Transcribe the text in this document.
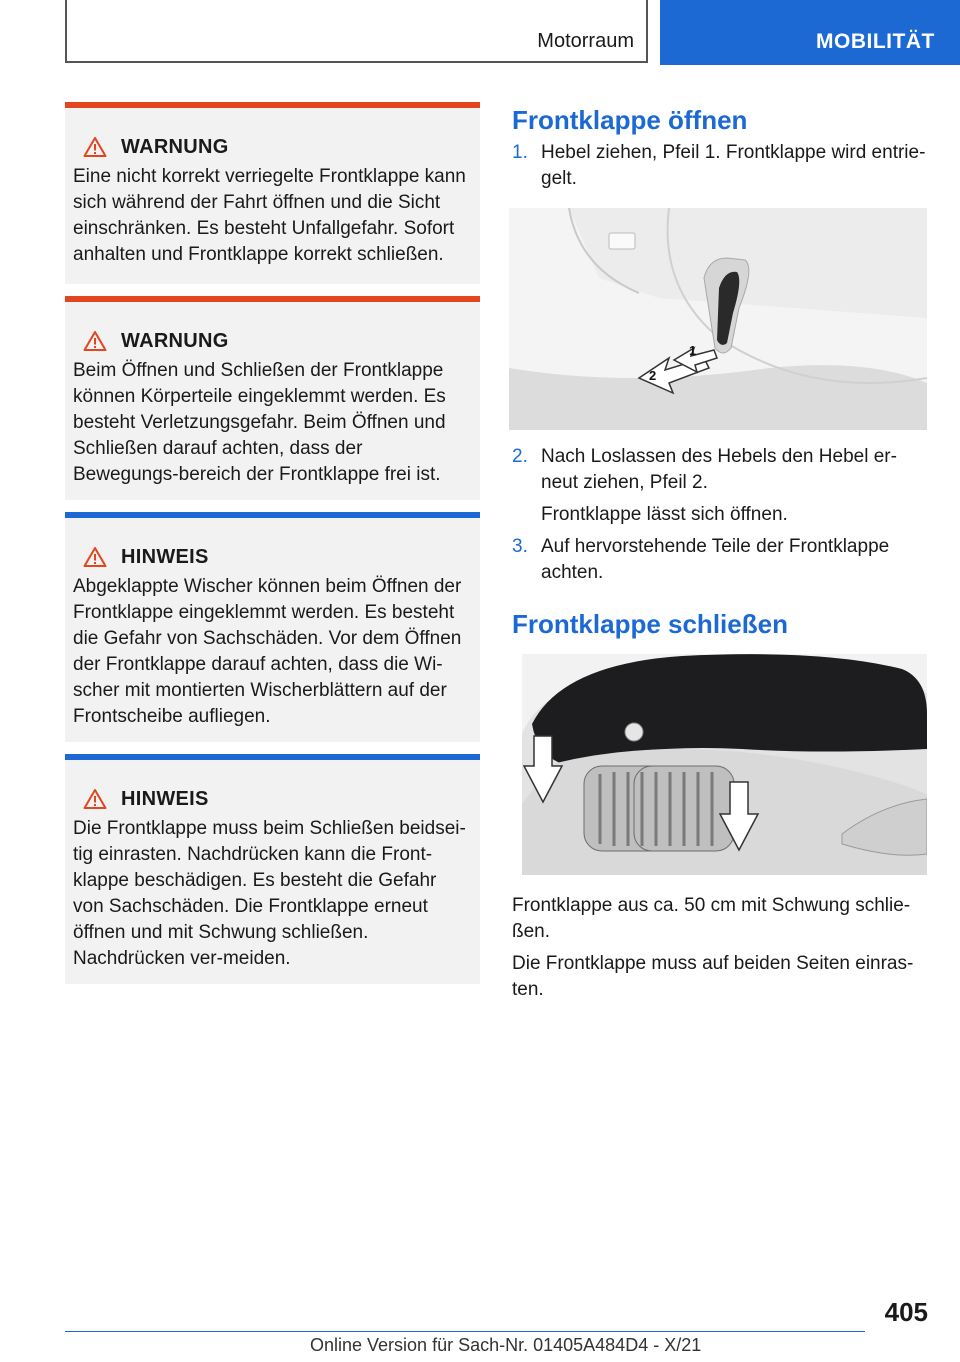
Motorraum	MOBILITÄT
WARNUNG

Eine nicht korrekt verriegelte Frontklappe kann sich während der Fahrt öffnen und die Sicht einschränken. Es besteht Unfallgefahr. Sofort anhalten und Frontklappe korrekt schließen.

WARNUNG

Beim Öffnen und Schließen der Frontklappe können Körperteile eingeklemmt werden. Es besteht Verletzungsgefahr. Beim Öffnen und Schließen darauf achten, dass der Bewegungs-bereich der Frontklappe frei ist.

HINWEIS

Abgeklappte Wischer können beim Öffnen der Frontklappe eingeklemmt werden. Es besteht die Gefahr von Sachschäden. Vor dem Öffnen der Frontklappe darauf achten, dass die Wi-scher mit montierten Wischerblättern auf der Frontscheibe aufliegen.

HINWEIS

Die Frontklappe muss beim Schließen beidsei-tig einrasten. Nachdrücken kann die Front-klappe beschädigen. Es besteht die Gefahr von Sachschäden. Die Frontklappe erneut öffnen und mit Schwung schließen. Nachdrücken ver-meiden.

Frontklappe öffnen
1. Hebel ziehen, Pfeil 1. Frontklappe wird entrie-gelt.

1
2
2. Nach Loslassen des Hebels den Hebel er-neut ziehen, Pfeil 2.

Frontklappe lässt sich öffnen.

3. Auf hervorstehende Teile der Frontklappe achten.

Frontklappe schließen

Frontklappe aus ca. 50 cm mit Schwung schlie-ßen.

Die Frontklappe muss auf beiden Seiten einras-ten.

405
Online Version für Sach-Nr. 01405A484D4 - X/21
